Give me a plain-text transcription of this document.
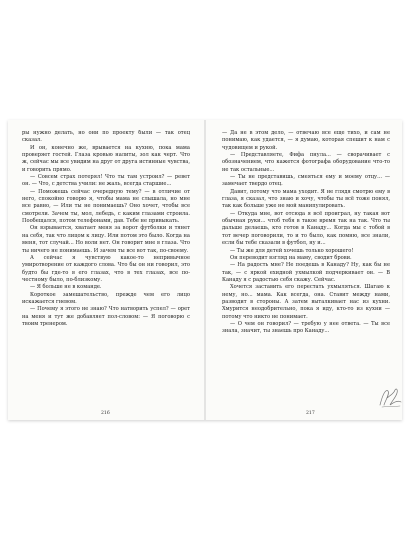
ры нужно делать, но они по проекту были — так отец сказал.

И он, конечно же, врывается на кухню, пока мама проверяет гостей. Глаза кровью налиты, зол как черт. Что ж, сейчас мы все увидим на друг от друга истинные чувства, и говорить прямо.

— Совсем страх потерял! Что ты там устроил? — ревет он. — Что, с детства учили: не жаль, всегда старшие...

— Поможешь сейчас очередную тему? — в отличие от него, спокойно говорю я, чтобы мама не слышала, но мне все равно, — Или ты не понимаешь? Оно хочет, чтобы все смотрели. Зачем ты, мол, лебедь, с каким глазами строила. Пообещался, потом телефонами, дав. Тебе не привыкать.

Он взрывается, хватает меня за ворот футболки и тянет на себя, так что лицом к лицу. Или потом это было. Когда на меня, тот случай... Но воли нет. Он говорит мне в глаза. Что ты ничего не понимаешь. И зачем ты все вот так, по-своему.

А сейчас я чувствую какое-то непривычное умиротворение от каждого слова. Что бы он ни говорил, это будто бы где-то в его глазах, что в тех глазах, все по-честному было, по-близкому.

— Я больше не в команде.

Короткое замешательство, прежде чем его лицо искажается гневом.

— Почему я этого не знаю? Что натворить успел? — орет на меня и тут же добавляет пол-словом: — Я поговорю с твоим тренером.

— Да не в этом дело, — отвечаю все еще тихо, и сам не понимаю, как удается, — я думаю, которая спешит к нам с чудовищем и рукой.

— Представляете, Фифа пнула... — сворачивает с обозначением, что кажется фотографа оборудование что-то не так остальные...

— Ты не представишь, смеяться ему и моему отцу... — замечает твердо отец.

Давит, потому что мама уходит. Я не глядя смотрю ему в глаза, я сказал, что знаю и хочу, чтобы ты всё тоже понял, так как больше уже не мой манипулировать.

— Откуда мне, вот отсюда я всё проиграл, ну такая вот обычная руки... чтоб тебя в такое время так на так. Что ты дальше делаешь, кто готов в Канаду... Когда мы с тобой в тот вечер поговорили, то и то было, как помню, все знали, если бы тебе сказали в футбол, ну и...

— Ты же для детей хочешь только хорошего!

Он переводит взгляд на маму, сводит брови.

— На радость мне? Не поедешь в Канаду? Ну, как бы не так, — с яркой ехидной ухмылкой подчеркивает он. — В Канаду я с радостью себя скажу. Сейчас.

Хочется заставить его перестать ухмыляться. Шагаю к нему, но... мама. Как всегда, она. Ставит между нами, разводит в стороны. А затем выталкивает нас из кухни. Хмурится неодобрительно, пока я иду, кто-то из кухни — потому что никто не понимает.

— О чем он говорил? — требую у нее ответа. — Ты все знала, значит, ты знаешь про Канаду...

216	217
